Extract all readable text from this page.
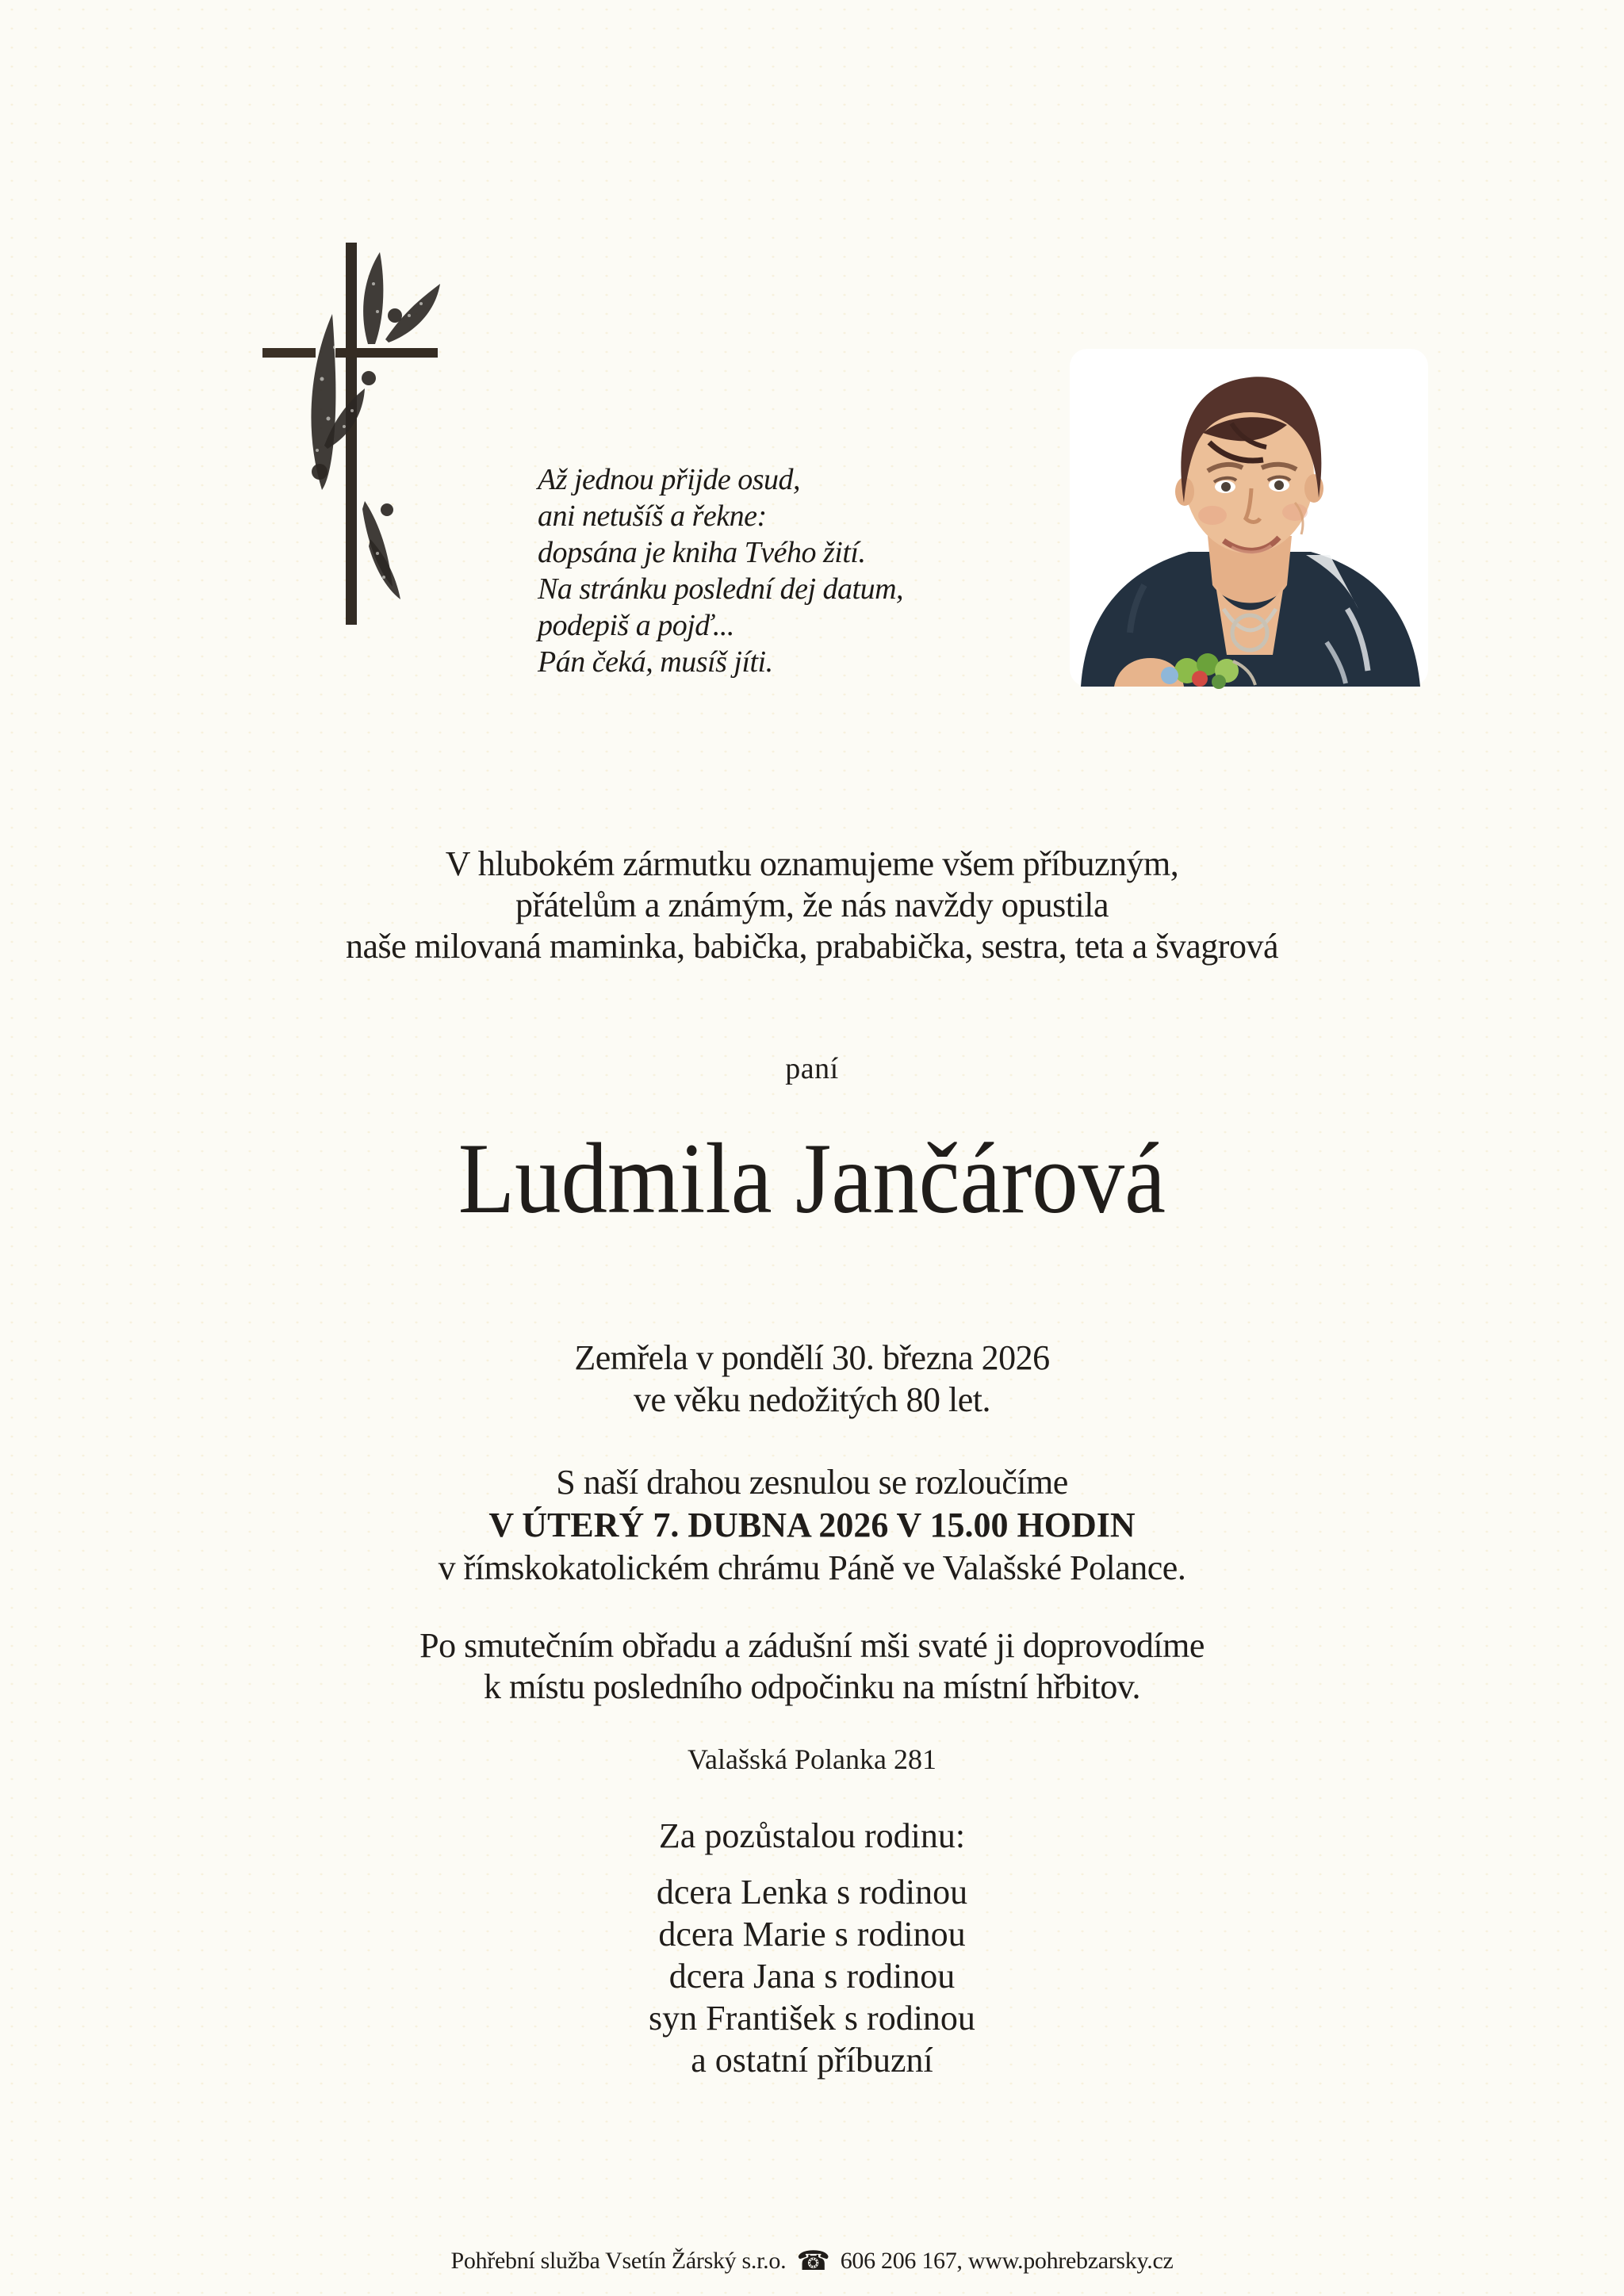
Až jednou přijde osud,
ani netušíš a řekne:
dopsána je kniha Tvého žití.
Na stránku poslední dej datum,
podepiš a pojď...
Pán čeká, musíš jíti.
V hlubokém zármutku oznamujeme všem příbuzným,
přátelům a známým, že nás navždy opustila
naše milovaná maminka, babička, prababička, sestra, teta a švagrová
paní
Ludmila Jančárová
Zemřela v pondělí 30. března 2026
ve věku nedožitých 80 let.
S naší drahou zesnulou se rozloučíme
V ÚTERÝ 7. DUBNA 2026 V 15.00 HODIN
v římskokatolickém chrámu Páně ve Valašské Polance.
Po smutečním obřadu a zádušní mši svaté ji doprovodíme
k místu posledního odpočinku na místní hřbitov.
Valašská Polanka 281
Za pozůstalou rodinu:
dcera Lenka s rodinou
dcera Marie s rodinou
dcera Jana s rodinou
syn František s rodinou
a ostatní příbuzní
Pohřební služba Vsetín Žárský s.r.o. ☎ 606 206 167, www.pohrebzarsky.cz
